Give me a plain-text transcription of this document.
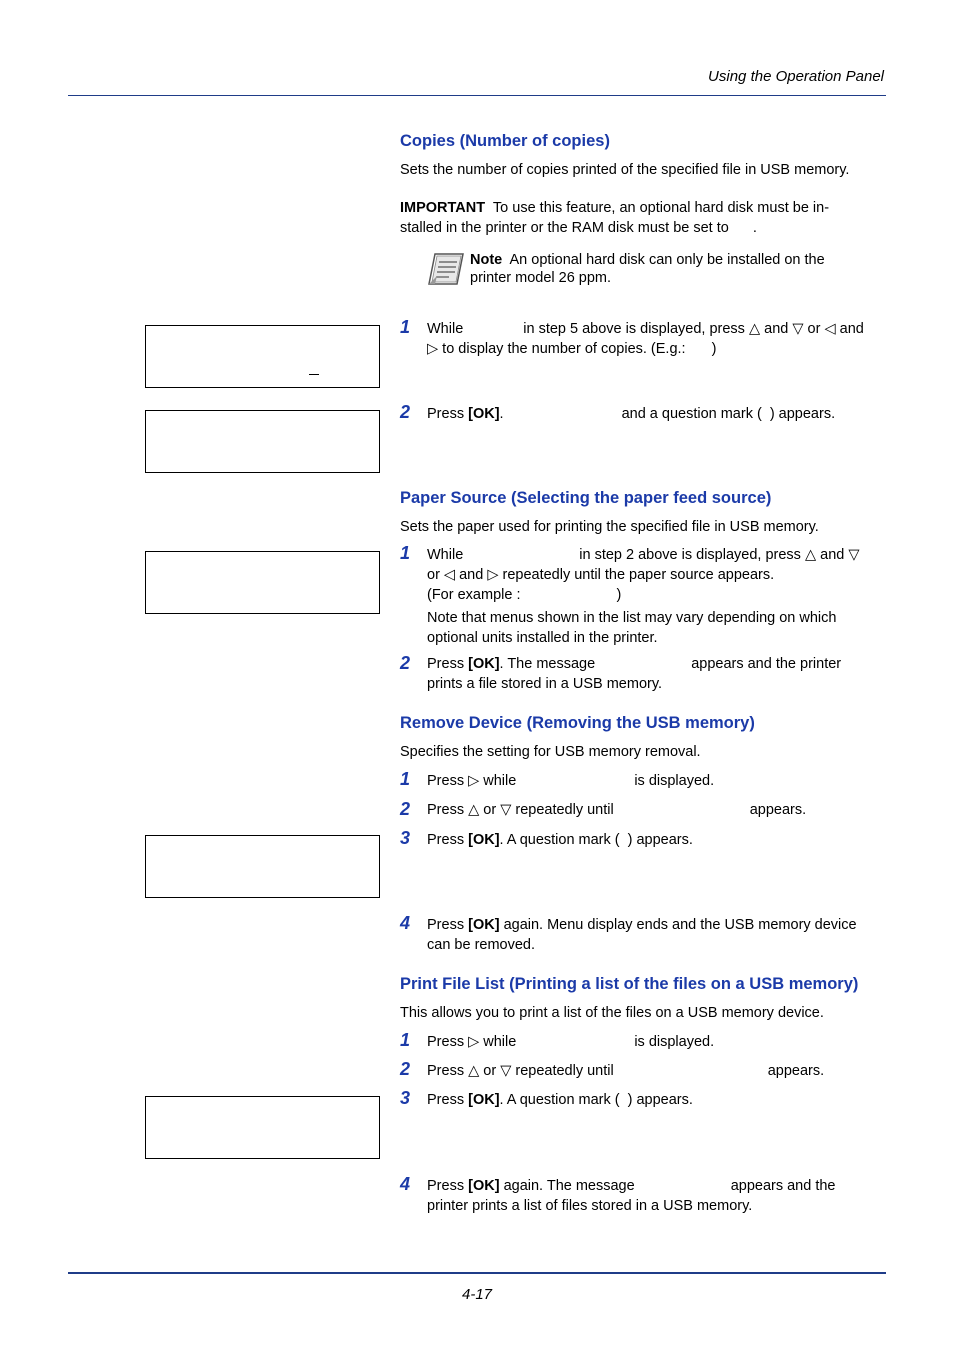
Using the Operation Panel
Copies (Number of copies)
Sets the number of copies printed of the specified file in USB memory.
IMPORTANT To use this feature, an optional hard disk must be in-
stalled in the printer or the RAM disk must be set to .
Note An optional hard disk can only be installed on the
printer model 26 ppm.
1 While	in step 5 above is displayed, press △ and ▽ or ◁ and
▷ to display the number of copies. (E.g.: )
2 Press [OK].	and a question mark ( ) appears.
Paper Source (Selecting the paper feed source)
Sets the paper used for printing the specified file in USB memory.
1 While	in step 2 above is displayed, press △ and ▽
or ◁ and ▷ repeatedly until the paper source appears.
(For example :	)
Note that menus shown in the list may vary depending on which
optional units installed in the printer.
2 Press [OK]. The message	appears and the printer
prints a file stored in a USB memory.
Remove Device (Removing the USB memory)
Specifies the setting for USB memory removal.
1 Press ▷ while	is displayed.
2 Press △ or ▽ repeatedly until	appears.
3 Press [OK]. A question mark ( ) appears.
4 Press [OK] again. Menu display ends and the USB memory device
can be removed.
Print File List (Printing a list of the files on a USB memory)
This allows you to print a list of the files on a USB memory device.
1 Press ▷ while	is displayed.
2 Press △ or ▽ repeatedly until	appears.
3 Press [OK]. A question mark ( ) appears.
4 Press [OK] again. The message	appears and the
printer prints a list of files stored in a USB memory.
4-17
